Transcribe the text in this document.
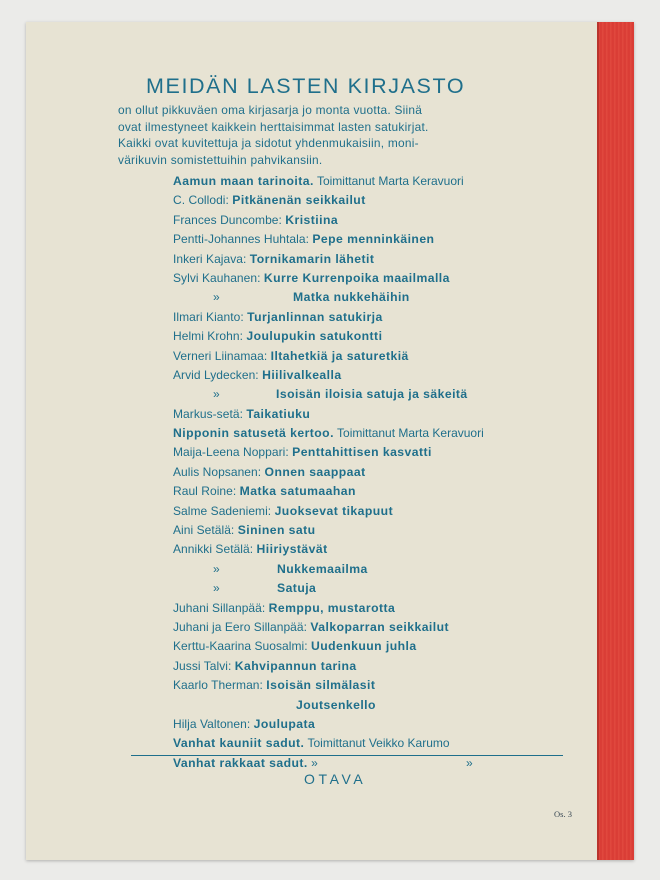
MEIDÄN LASTEN KIRJASTO

on ollut pikkuväen oma kirjasarja jo monta vuotta. Siinä
ovat ilmestyneet kaikkein herttaisimmat lasten satukirjat.
Kaikki ovat kuvitettuja ja sidotut yhdenmukaisiin, moni-
värikuvin somistettuihin pahvikansiin.

Aamun maan tarinoita. Toimittanut Marta Keravuori
C. Collodi: Pitkänenän seikkailut
Frances Duncombe: Kristiina
Pentti-Johannes Huhtala: Pepe menninkäinen
Inkeri Kajava: Tornikamarin lähetit
Sylvi Kauhanen: Kurre Kurrenpoika maailmalla
»	Matka nukkehäihin
Ilmari Kianto: Turjanlinnan satukirja
Helmi Krohn: Joulupukin satukontti
Verneri Liinamaa: Iltahetkiä ja saturetkiä
Arvid Lydecken: Hiilivalkealla
»	Isoisän iloisia satuja ja säkeitä
Markus-setä: Taikatiuku
Nipponin satusetä kertoo. Toimittanut Marta Keravuori
Maija-Leena Noppari: Penttahittisen kasvatti
Aulis Nopsanen: Onnen saappaat
Raul Roine: Matka satumaahan
Salme Sadeniemi: Juoksevat tikapuut
Aini Setälä: Sininen satu
Annikki Setälä: Hiiriystävät
»	Nukkemaailma
»	Satuja
Juhani Sillanpää: Remppu, mustarotta
Juhani ja Eero Sillanpää: Valkoparran seikkailut
Kerttu-Kaarina Suosalmi: Uudenkuun juhla
Jussi Talvi: Kahvipannun tarina
Kaarlo Therman: Isoisän silmälasit
Joutsenkello
Hilja Valtonen: Joulupata
Vanhat kauniit sadut. Toimittanut Veikko Karumo
Vanhat rakkaat sadut. »	»

OTAVA

Os. 3
